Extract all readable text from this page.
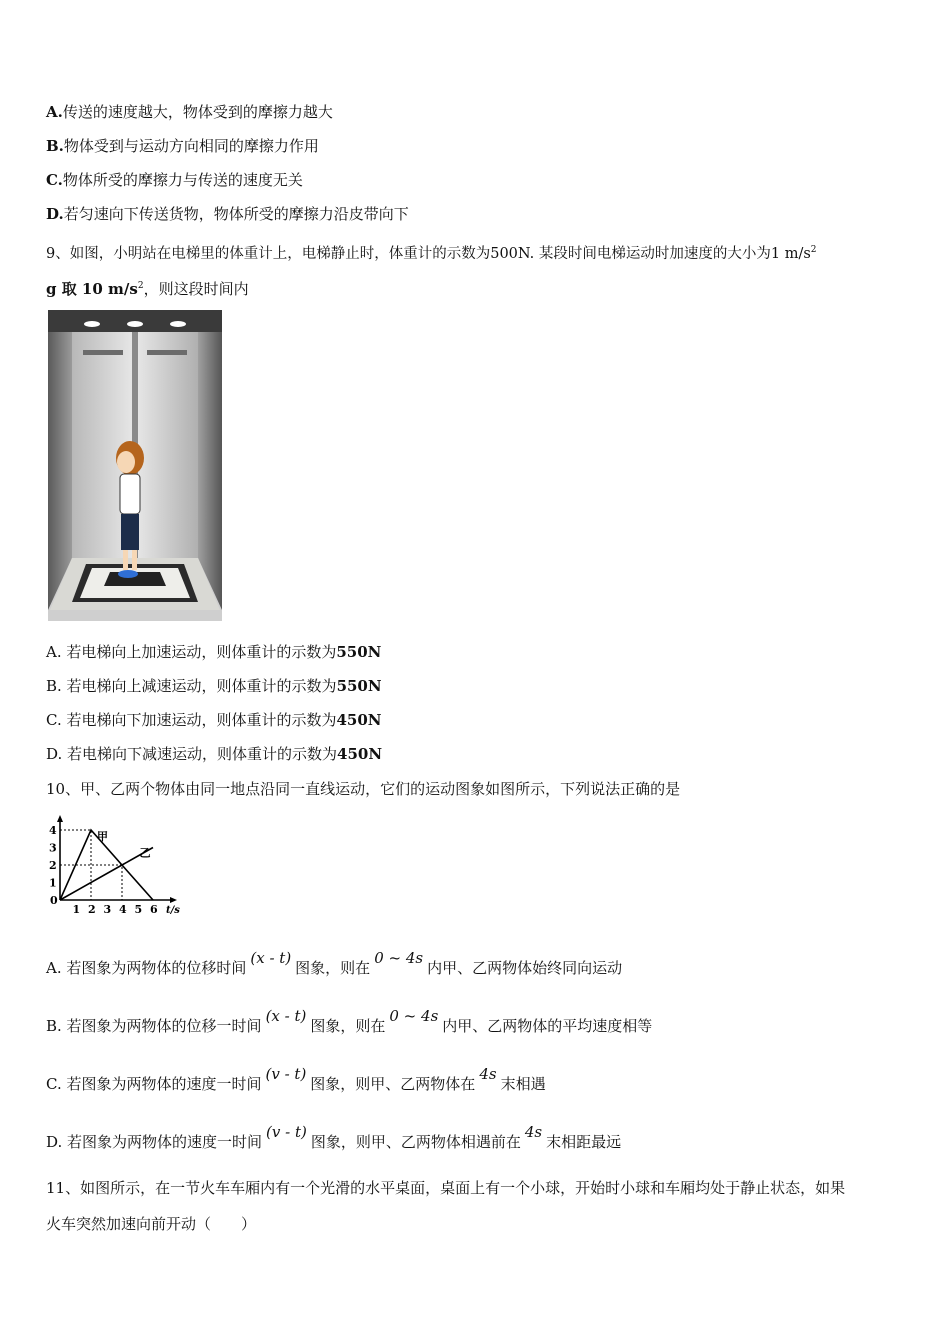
A.传送的速度越大，物体受到的摩擦力越大
B.物体受到与运动方向相同的摩擦力作用
C.物体所受的摩擦力与传送的速度无关
D.若匀速向下传送货物，物体所受的摩擦力沿皮带向下
9、如图，小明站在电梯里的体重计上，电梯静止时，体重计的示数为500N. 某段时间电梯运动时加速度的大小为1 $m/s^2$
g 取 10 $m/s^2$，则这段时间内
A. 若电梯向上加速运动，则体重计的示数为550N
B. 若电梯向上减速运动，则体重计的示数为550N
C. 若电梯向下加速运动，则体重计的示数为450N
D. 若电梯向下减速运动，则体重计的示数为450N
10、甲、乙两个物体由同一地点沿同一直线运动，它们的运动图象如图所示，下列说法正确的是
甲
乙
0
1 2 3 4 5 6
1
2
3
4
t/s
A. 若图象为两物体的位移时间(x - t)图象，则在0 ~ 4s内甲、乙两物体始终同向运动
B. 若图象为两物体的位移一时间(x - t)图象，则在0 ~ 4s内甲、乙两物体的平均速度相等
C. 若图象为两物体的速度一时间(v - t)图象，则甲、乙两物体在4s末相遇
D. 若图象为两物体的速度一时间(v - t)图象，则甲、乙两物体相遇前在4s末相距最远
11、如图所示，在一节火车车厢内有一个光滑的水平桌面，桌面上有一个小球，开始时小球和车厢均处于静止状态，如果
火车突然加速向前开动（　　）
